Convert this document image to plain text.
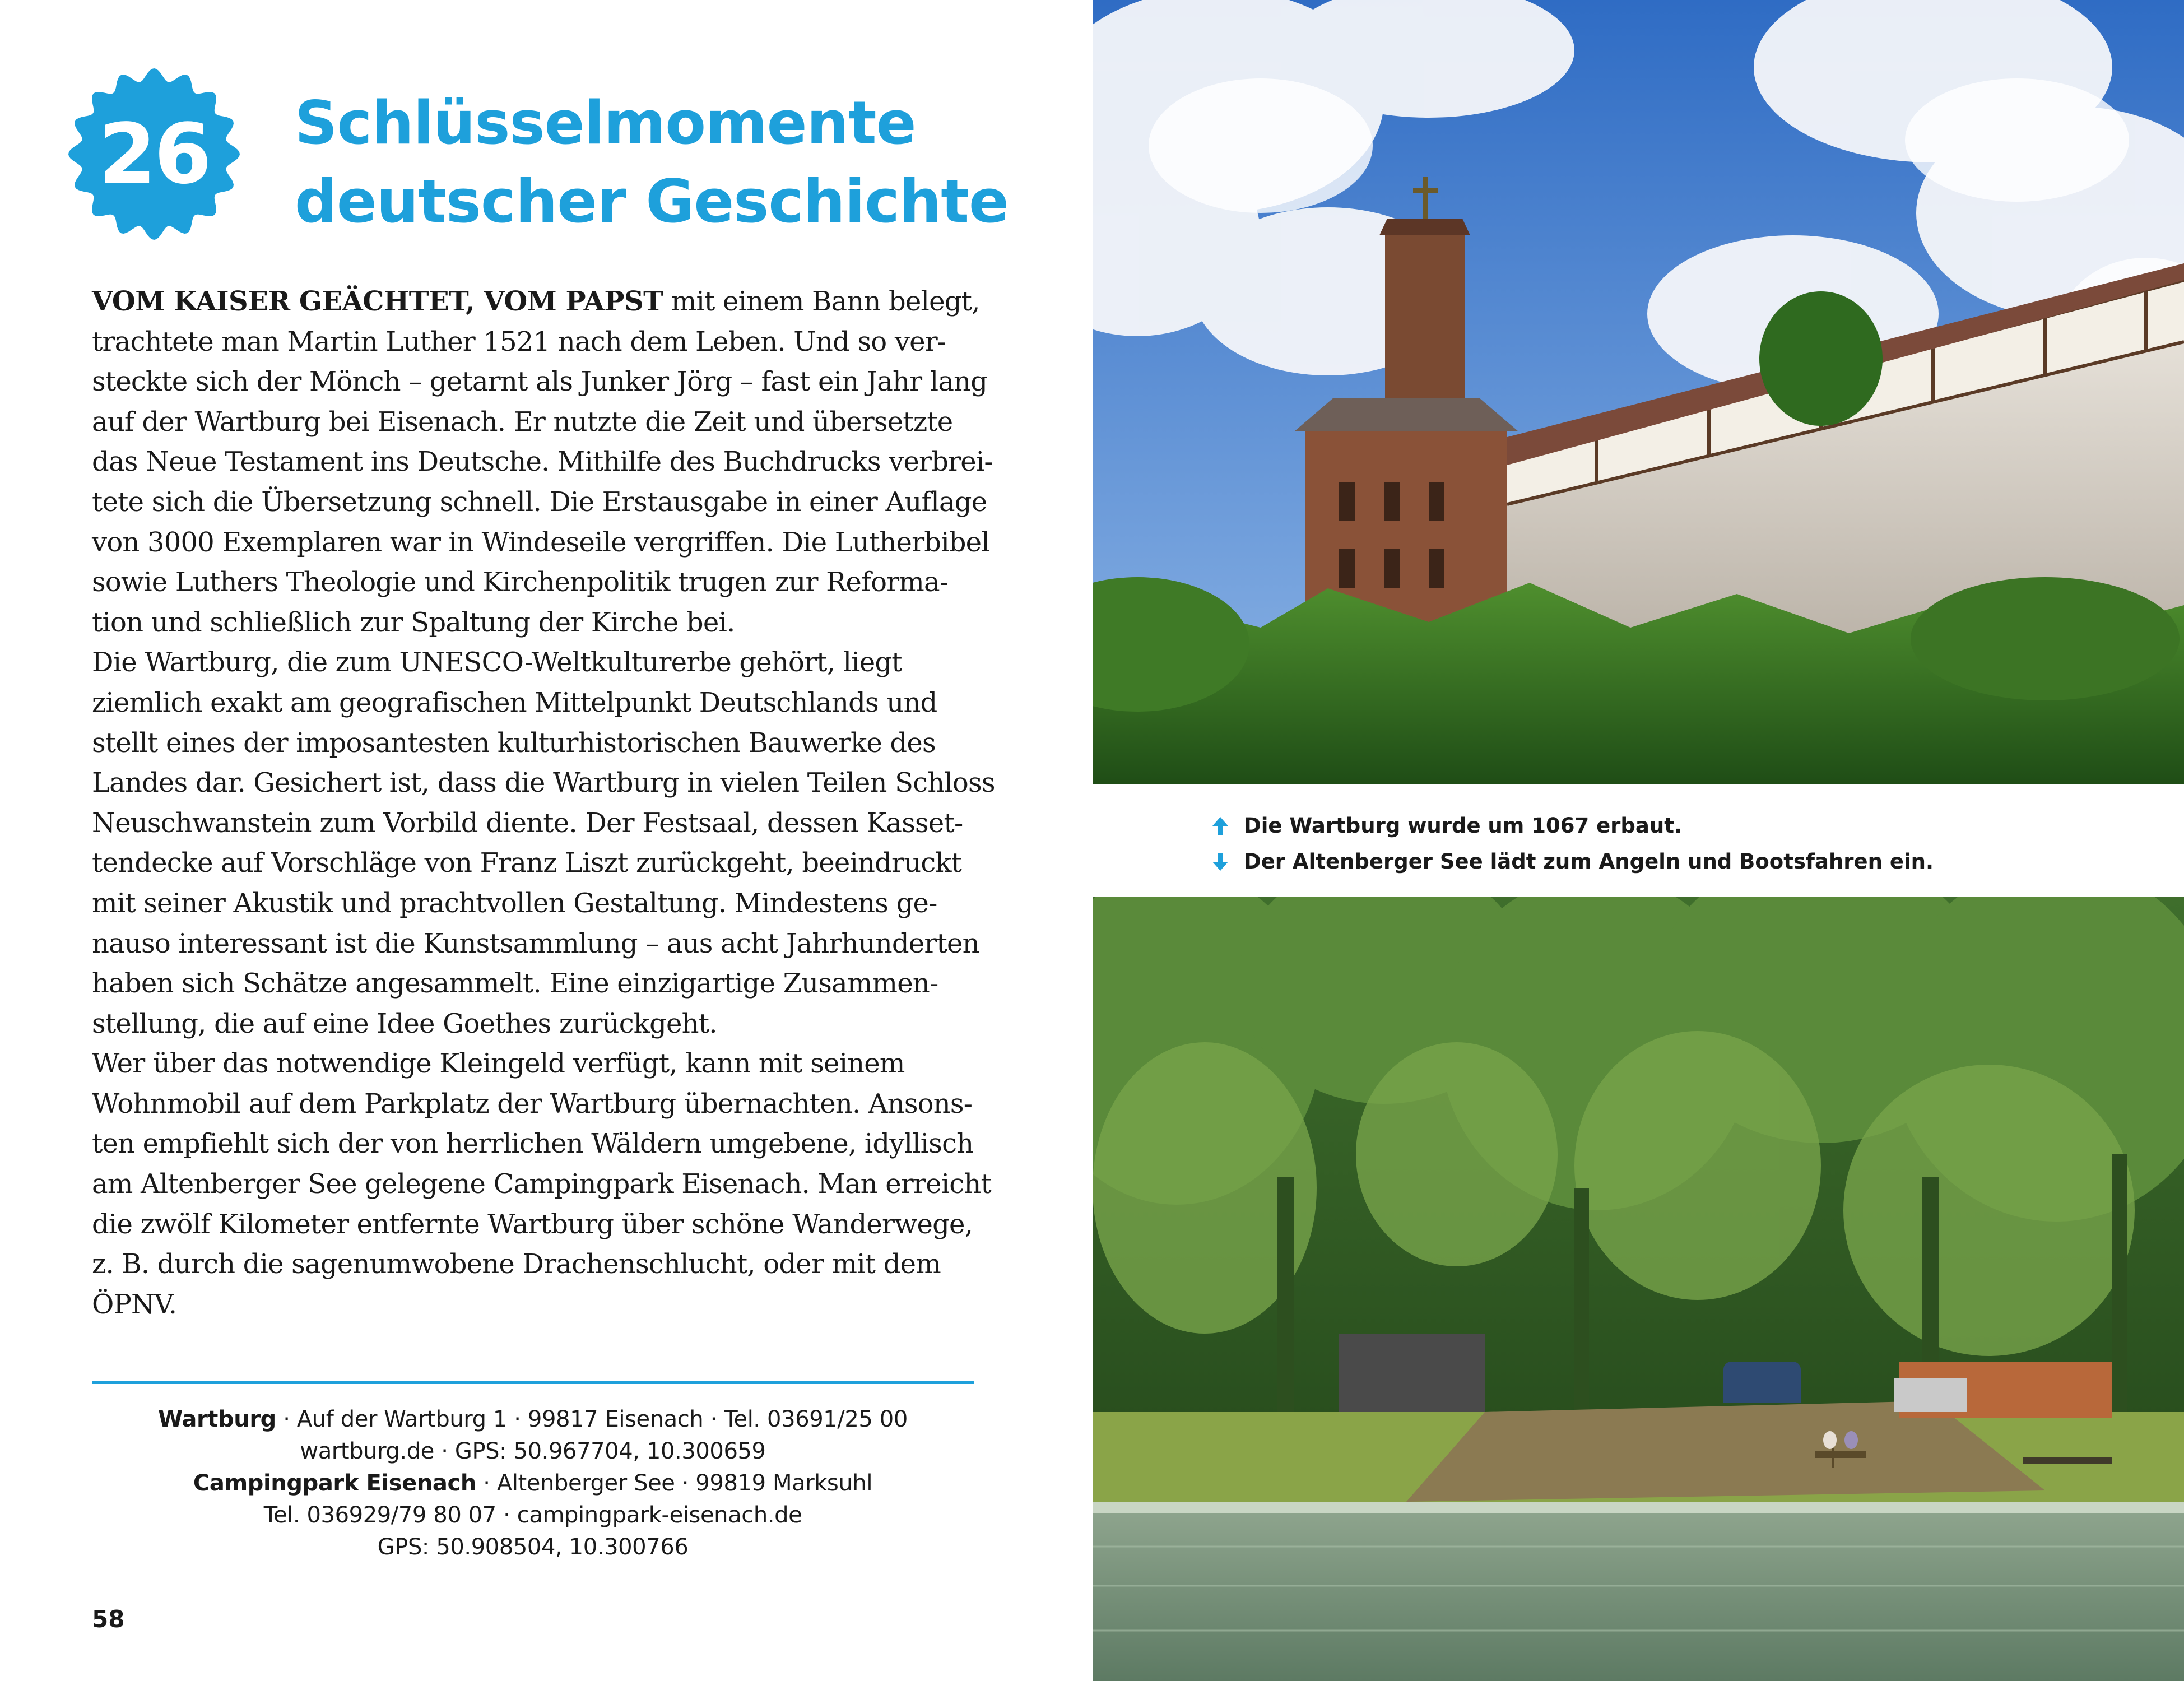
26	Schlüsselmomente
deutscher Geschichte
VOM KAISER GEÄCHTET, VOM PAPST mit einem Bann belegt,
trachtete man Martin Luther 1521 nach dem Leben. Und so ver-
steckte sich der Mönch – getarnt als Junker Jörg – fast ein Jahr lang
auf der Wartburg bei Eisenach. Er nutzte die Zeit und übersetzte
das Neue Testament ins Deutsche. Mithilfe des Buchdrucks verbrei-
tete sich die Übersetzung schnell. Die Erstausgabe in einer Auflage
von 3000 Exemplaren war in Windeseile vergriffen. Die Lutherbibel
sowie Luthers Theologie und Kirchenpolitik trugen zur Reforma-
tion und schließlich zur Spaltung der Kirche bei.
Die Wartburg, die zum UNESCO-Weltkulturerbe gehört, liegt
ziemlich exakt am geografischen Mittelpunkt Deutschlands und
stellt eines der imposantesten kulturhistorischen Bauwerke des
Landes dar. Gesichert ist, dass die Wartburg in vielen Teilen Schloss
Neuschwanstein zum Vorbild diente. Der Festsaal, dessen Kasset-
tendecke auf Vorschläge von Franz Liszt zurückgeht, beeindruckt
mit seiner Akustik und prachtvollen Gestaltung. Mindestens ge-
nauso interessant ist die Kunstsammlung – aus acht Jahrhunderten
haben sich Schätze angesammelt. Eine einzigartige Zusammen-
stellung, die auf eine Idee Goethes zurückgeht.
Wer über das notwendige Kleingeld verfügt, kann mit seinem
Wohnmobil auf dem Parkplatz der Wartburg übernachten. Ansons-
ten empfiehlt sich der von herrlichen Wäldern umgebene, idyllisch
am Altenberger See gelegene Campingpark Eisenach. Man erreicht
die zwölf Kilometer entfernte Wartburg über schöne Wanderwege,
z. B. durch die sagenumwobene Drachenschlucht, oder mit dem
ÖPNV.
Wartburg · Auf der Wartburg 1 · 99817 Eisenach · Tel. 03691/25 00
wartburg.de · GPS: 50.967704, 10.300659
Campingpark Eisenach · Altenberger See · 99819 Marksuhl
Tel. 036929/79 80 07 · campingpark-eisenach.de
GPS: 50.908504, 10.300766
58
Die Wartburg wurde um 1067 erbaut.
Der Altenberger See lädt zum Angeln und Bootsfahren ein.
